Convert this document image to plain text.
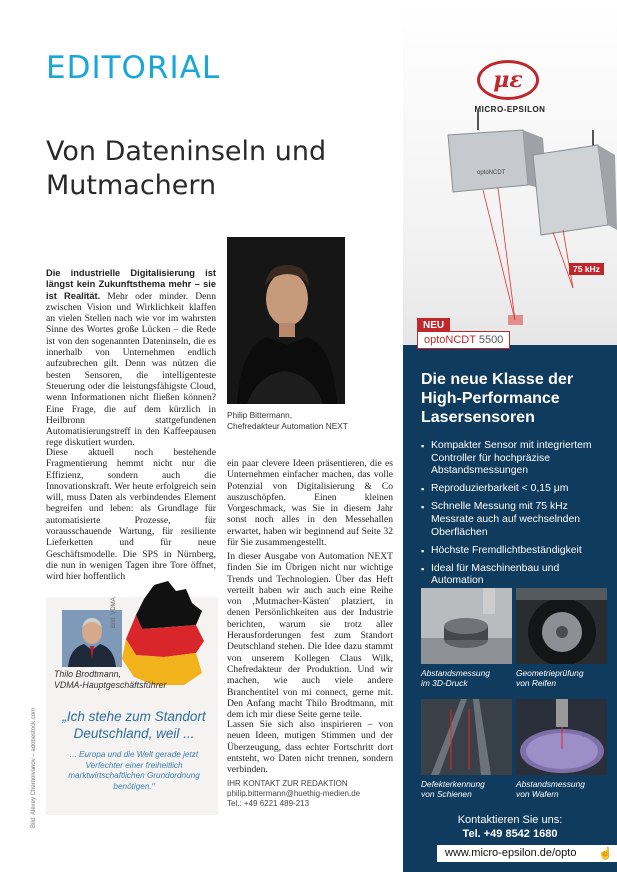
EDITORIAL
Von Dateninseln und Mutmachern

Die industrielle Digitalisierung ist längst kein Zukunftsthema mehr – sie ist Realität. Mehr oder minder. Denn zwischen Vision und Wirklichkeit klaffen an vielen Stellen nach wie vor im wahrsten Sinne des Wortes große Lücken – die Rede ist von den sogenannten Dateninseln, die es innerhalb von Unternehmen endlich aufzubrechen gilt. Denn was nützen die besten Sensoren, die intelligenteste Steuerung oder die leistungsfähigste Cloud, wenn Informationen nicht fließen können? Eine Frage, die auf dem kürzlich in Heilbronn stattgefundenen Automatisierungstreff in den Kaffeepausen rege diskutiert wurden.

Diese aktuell noch bestehende Fragmentierung hemmt nicht nur die Effizienz, sondern auch die Innovationskraft. Wer heute erfolgreich sein will, muss Daten als verbindendes Element begreifen und leben: als Grundlage für automatisierte Prozesse, für vorausschauende Wartung, für resiliente Lieferketten und für neue Geschäftsmodelle. Die SPS in Nürnberg, die nun in wenigen Tagen ihre Tore öffnet, wird hier hoffentlich

Philip Bittermann,
Chefredakteur Automation NEXT

ein paar clevere Ideen präsentieren, die es Unternehmen einfacher machen, das volle Potenzial von Digitalisierung & Co auszuschöpfen. Einen kleinen Vorgeschmack, was Sie in diesem Jahr sonst noch alles in den Messehallen erwartet, haben wir beginnend auf Seite 32 für Sie zusammengestellt.

In dieser Ausgabe von Automation NEXT finden Sie im Übrigen nicht nur wichtige Trends und Technologien. Über das Heft verteilt haben wir auch auch eine Reihe von ‚Mutmacher-Kästen' platziert, in denen Persönlichkeiten aus der Industrie berichten, warum sie trotz aller Herausforderungen fest zum Standort Deutschland stehen. Die Idee dazu stammt von unserem Kollegen Claus Wilk, Chefredakteur der Produktion. Und wir machen, wie auch viele andere Branchentitel von mi connect, gerne mit. Den Anfang macht Thilo Brodtmann, mit dem ich mir diese Seite gerne teile.

Lassen Sie sich also inspirieren – von neuen Ideen, mutigen Stimmen und der Überzeugung, dass echter Fortschritt dort entsteht, wo Daten nicht trennen, sondern verbinden.

IHR KONTAKT ZUR REDAKTION
philip.bittermann@huethig-medien.de
Tel.: +49 6221 489-213
Bild: VDMA
Thilo Brodtmann,
VDMA-Hauptgeschäftsführer
„Ich stehe zum Standort Deutschland, weil ...
... Europa und die Welt gerade jetzt Verfechter einer freiheitlich marktwirtschaftlichen Grundordnung benötigen."
Bild: Alexey Chernoivanov – adobestock.com
με
MICRO-EPSILON
optoNCDT
75 kHz
NEU
optoNCDT 5500
Die neue Klasse der High-Performance Lasersensoren
▪ Kompakter Sensor mit integriertem Controller für hochpräzise Abstandsmessungen
▪ Reproduzierbarkeit < 0,15 μm
▪ Schnelle Messung mit 75 kHz Messrate auch auf wechselnden Oberflächen
▪ Höchste Fremdlichtbeständigkeit
▪ Ideal für Maschinenbau und Automation
Abstandsmessung
im 3D-Druck
Geometrieprüfung
von Reifen
Defekterkennung
von Schienen
Abstandsmessung
von Wafern
Kontaktieren Sie uns:
Tel. +49 8542 1680
www.micro-epsilon.de/opto ☝
